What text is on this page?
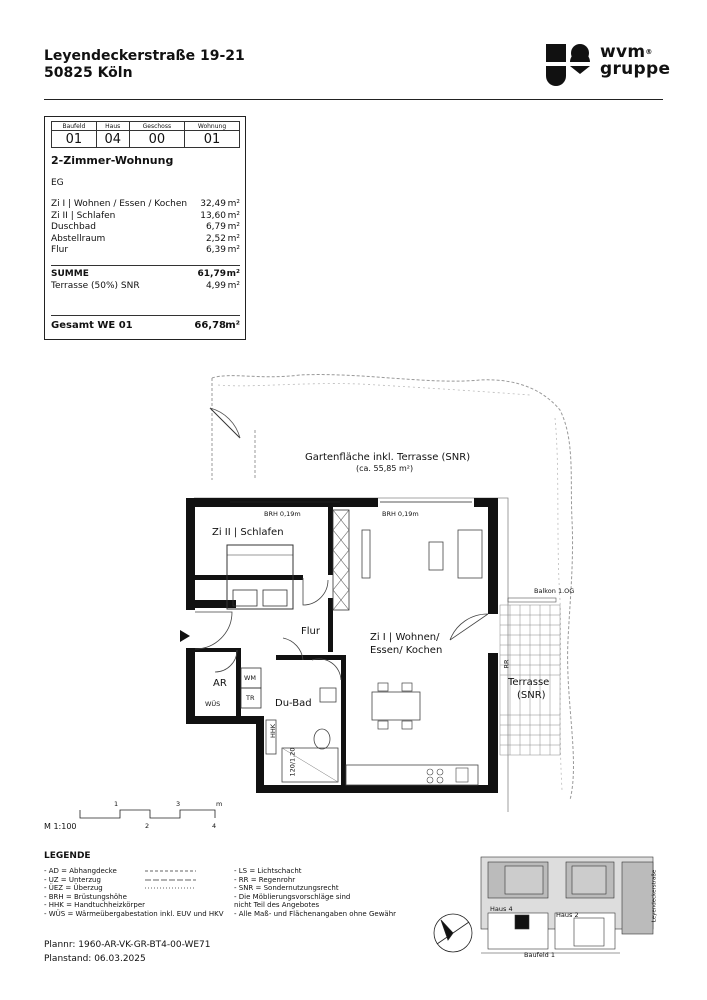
Leyendeckerstraße 19-21
50825 Köln
wvm®
gruppe
Baufeld	Haus	Geschoss	Wohnung
01	04	00	01
2-Zimmer-Wohnung
EG
Zi I | Wohnen / Essen / Kochen 32,49 m²
Zi II | Schlafen	13,60 m²
Duschbad	6,79 m²
Abstellraum	2,52 m²
Flur	6,39 m²
SUMME	61,79 m²
Terrasse (50%) SNR	4,99 m²
Gesamt WE 01	66,78 m²
Gartenfläche inkl. Terrasse (SNR)
(ca. 55,85 m²)
BRH 0,19m	BRH 0,19m
Balkon 1.OG
Zi II | Schlafen
Flur
Zi I | Wohnen/
Essen/ Kochen
AR
Du-Bad
Terrasse
(SNR)
WM
TR
WÜS
HHK
RR
120/1.20
1	3	m
2	4
M 1:100
LEGENDE
- AD = Abhangdecke
- UZ = Unterzug
- ÜEZ = Überzug
- BRH = Brüstungshöhe
- HHK = Handtuchheizkörper
- WÜS = Wärmeübergabestation inkl. EUV und HKV
- LS = Lichtschacht
- RR = Regenrohr
- SNR = Sondernutzungsrecht
- Die Möblierungsvorschläge sind
nicht Teil des Angebotes
- Alle Maß- und Flächenangaben ohne Gewähr
Plannr: 1960-AR-VK-GR-BT4-00-WE71
Planstand: 06.03.2025
Haus 4
Haus 2
Baufeld 1
Leyendeckerstraße
